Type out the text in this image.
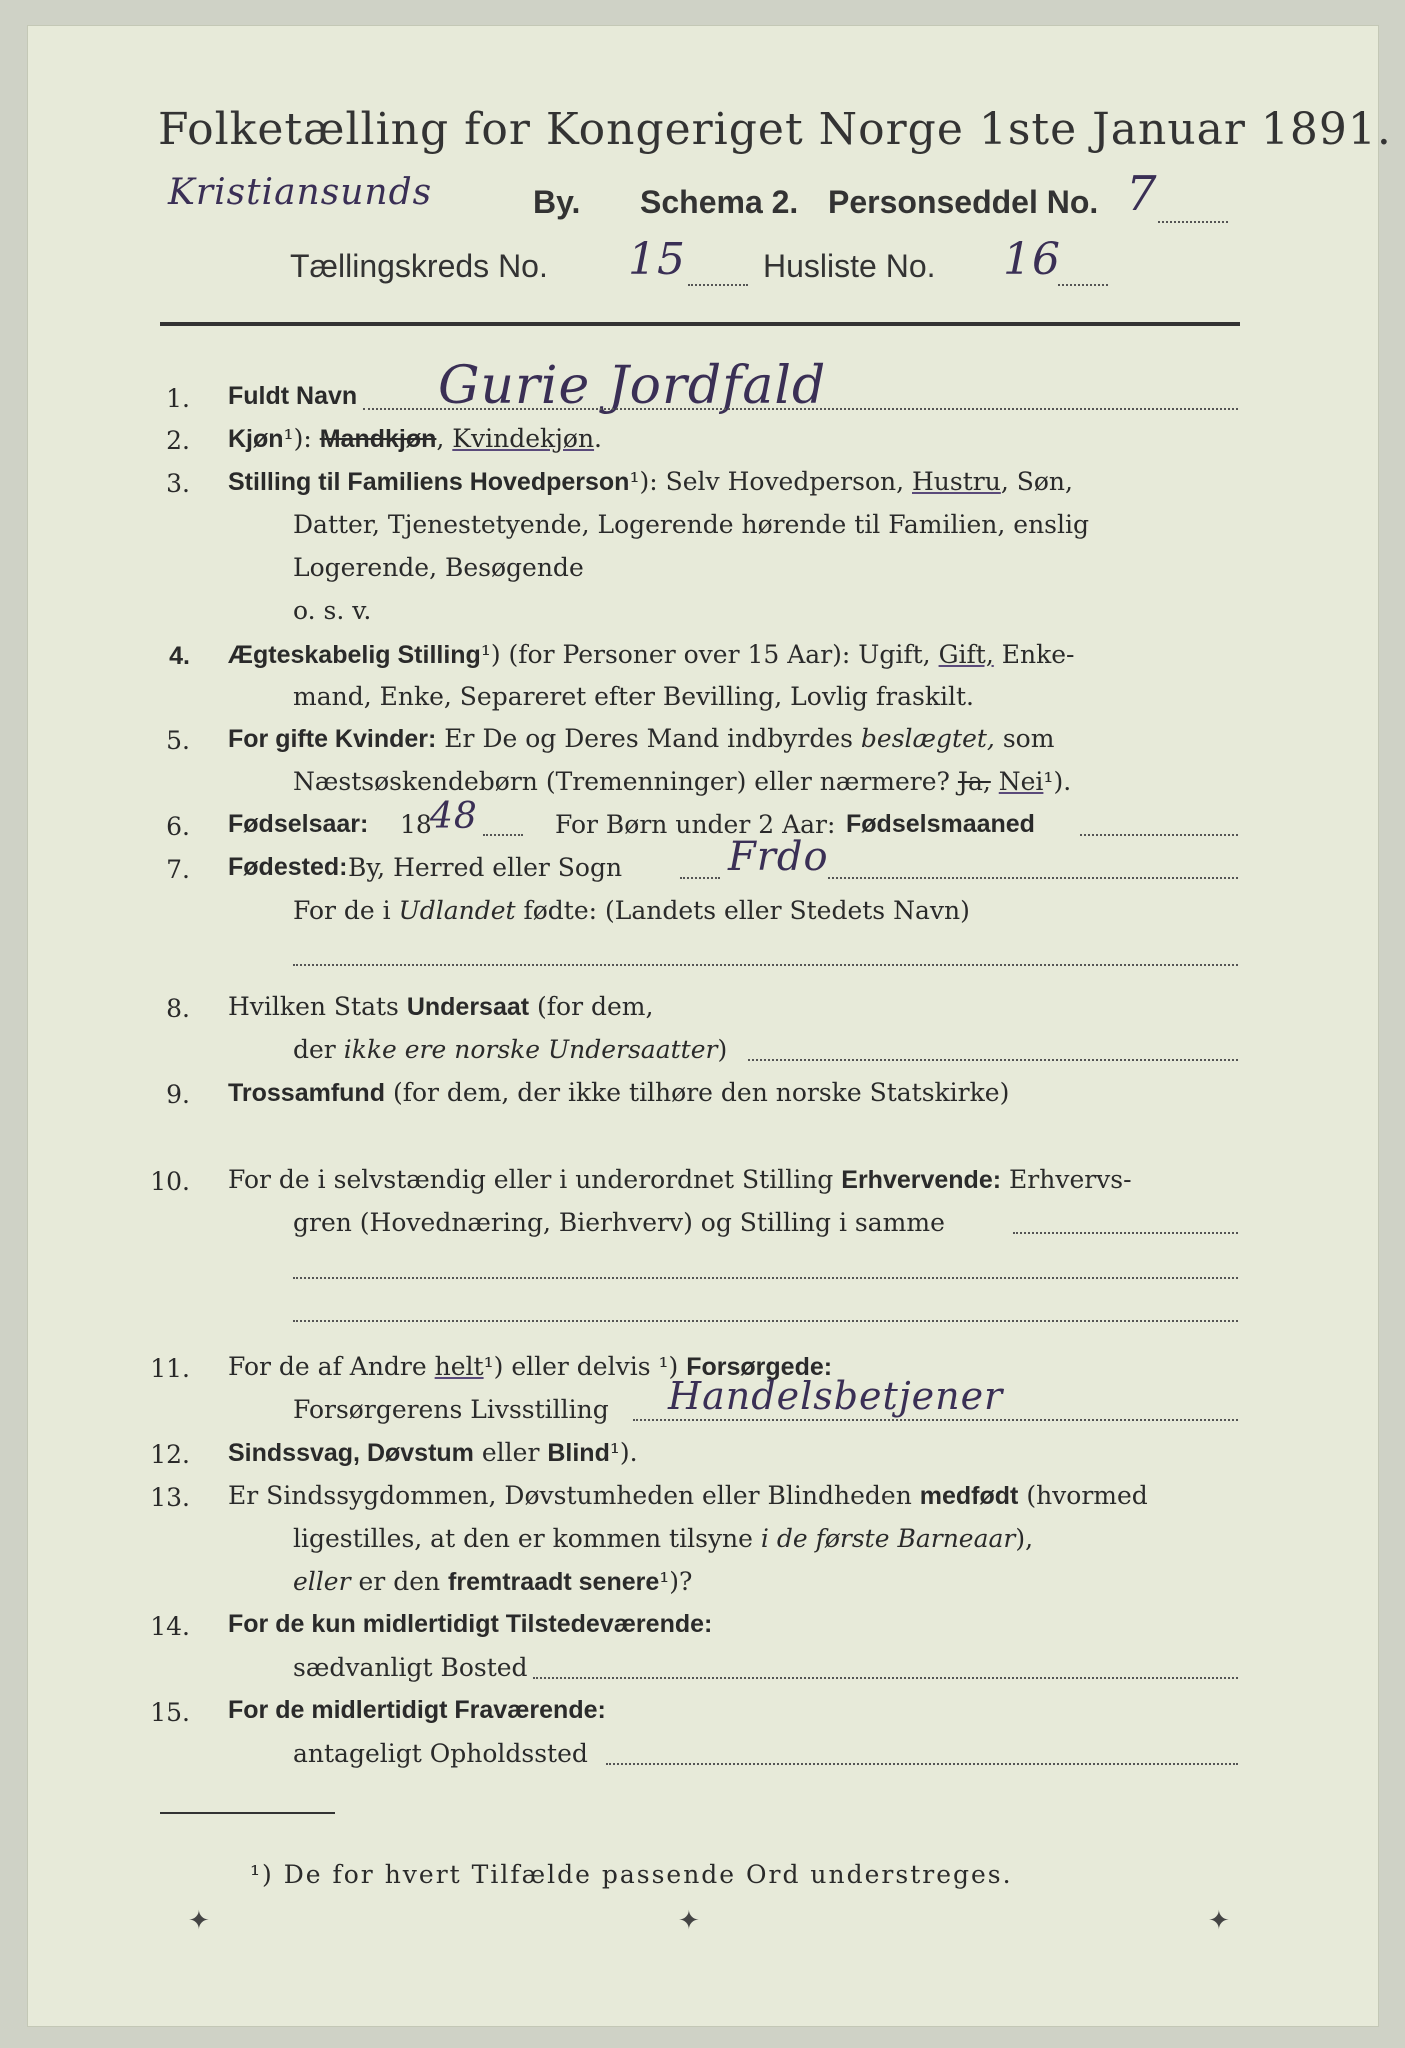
Folketælling for Kongeriget Norge 1ste Januar 1891.
Kristiansunds	By. Schema 2. Personseddel No. 7
Tællingskreds No. 15 Husliste No. 16
1. Fuldt Navn Gurie Jordfald
2. Kjøn¹): Mandkjøn, Kvindekjøn.
3. Stilling til Familiens Hovedperson¹): Selv Hovedperson, Hustru, Søn,
Datter, Tjenestetyende, Logerende hørende til Familien, enslig
Logerende, Besøgende
o. s. v.
4. Ægteskabelig Stilling¹) (for Personer over 15 Aar): Ugift, Gift, Enke-
mand, Enke, Separeret efter Bevilling, Lovlig fraskilt.
5. For gifte Kvinder: Er De og Deres Mand indbyrdes beslægtet, som
Næstsøskendebørn (Tremenninger) eller nærmere? Ja, Nei¹).
6. Fødselsaar: 18
48	For Børn under 2 Aar: Fødselsmaaned
7. Fødested: By, Herred eller Sogn	Frdo
For de i Udlandet fødte: (Landets eller Stedets Navn)
8. Hvilken Stats Undersaat (for dem,
der ikke ere norske Undersaatter)
9. Trossamfund (for dem, der ikke tilhøre den norske Statskirke)
10. For de i selvstændig eller i underordnet Stilling Erhvervende: Erhvervs-
gren (Hovednæring, Bierhverv) og Stilling i samme
11. For de af Andre helt¹) eller delvis ¹) Forsørgede:
Forsørgerens Livsstilling Handelsbetjener
12. Sindssvag, Døvstum eller Blind¹).
13. Er Sindssygdommen, Døvstumheden eller Blindheden medfødt (hvormed
ligestilles, at den er kommen tilsyne i de første Barneaar),
eller er den fremtraadt senere¹)?
14. For de kun midlertidigt Tilstedeværende:
sædvanligt Bosted
15. For de midlertidigt Fraværende:
antageligt Opholdssted
¹) De for hvert Tilfælde passende Ord understreges.
✦	✦	✦
